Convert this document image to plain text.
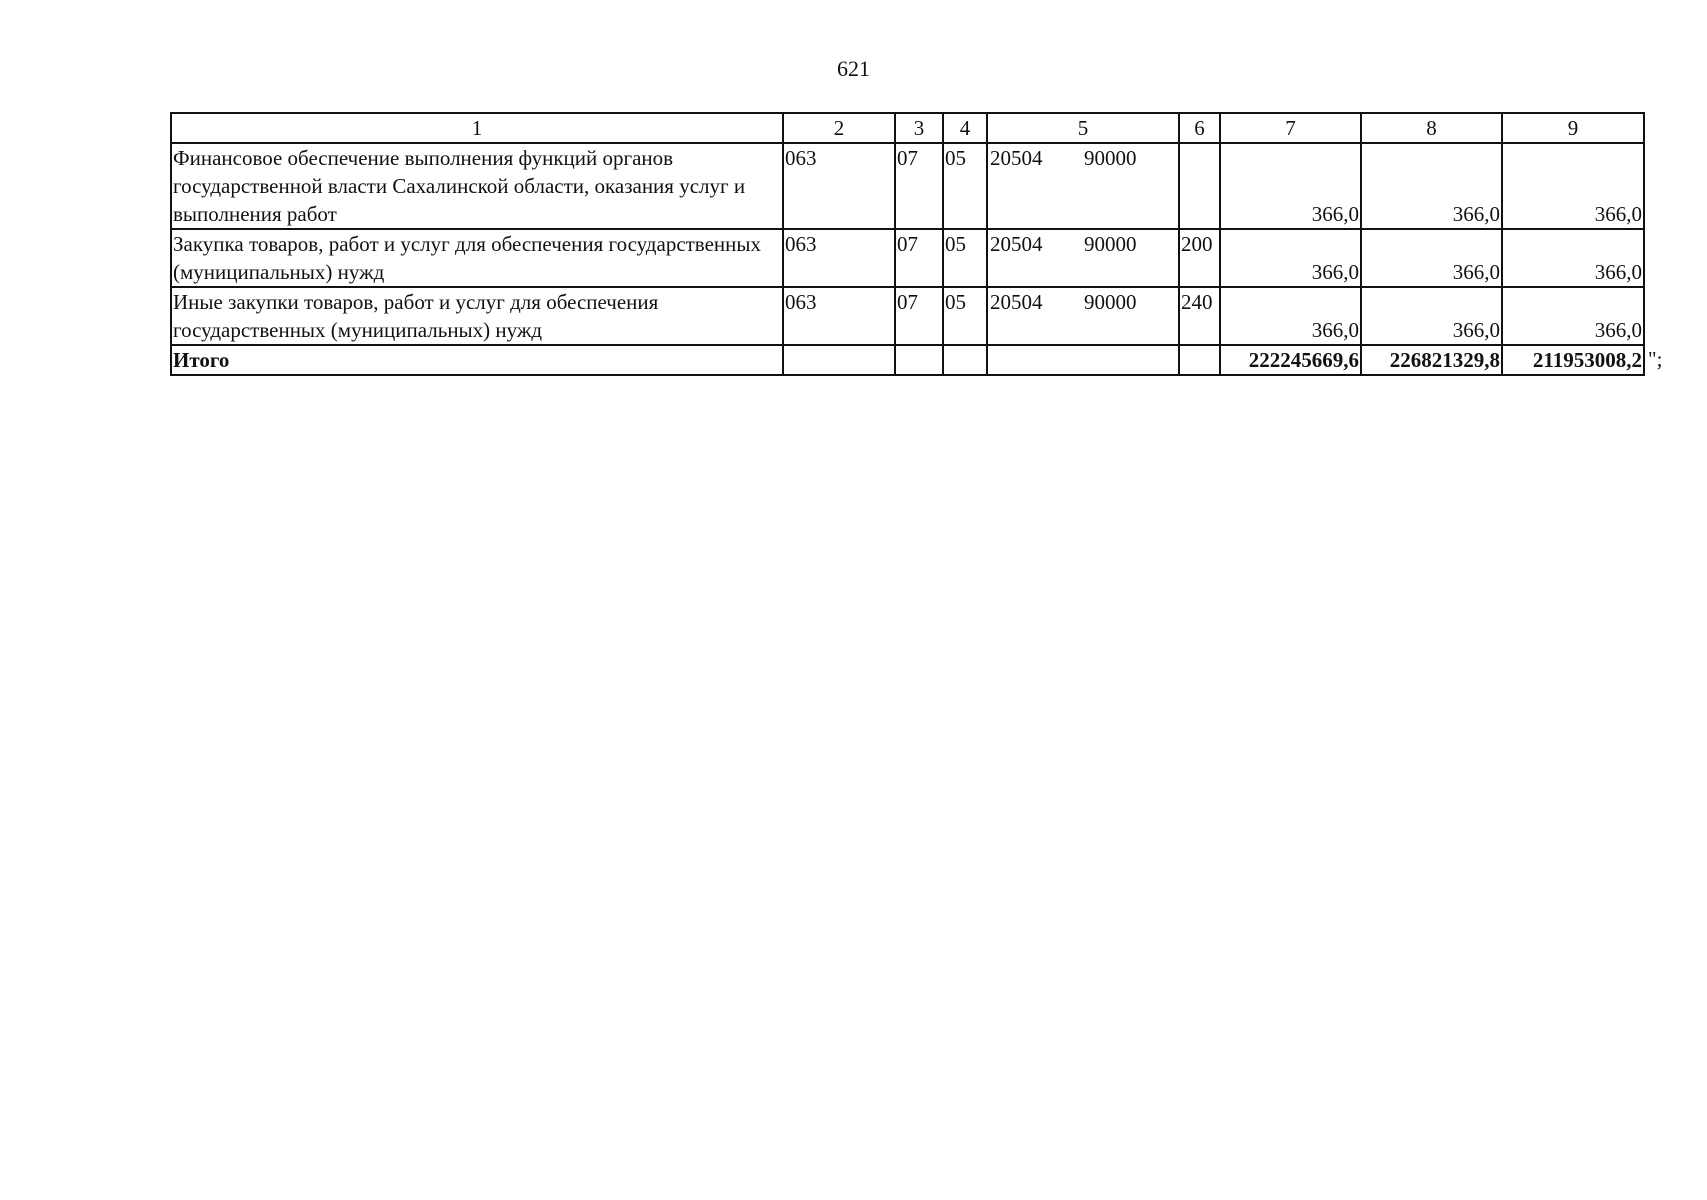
621
1	2	3	4	5	6	7	8	9
Финансовое обеспечение выполнения функций органов государственной власти Сахалинской области, оказания услуг и выполнения работ	063	07	05	20504 90000		366,0	366,0	366,0
Закупка товаров, работ и услуг для обеспечения государственных (муниципальных) нужд	063	07	05	20504 90000	200	366,0	366,0	366,0
Иные закупки товаров, работ и услуг для обеспечения государственных (муниципальных) нужд	063	07	05	20504 90000	240	366,0	366,0	366,0
Итого						222245669,6	226821329,8	211953008,2 ";
